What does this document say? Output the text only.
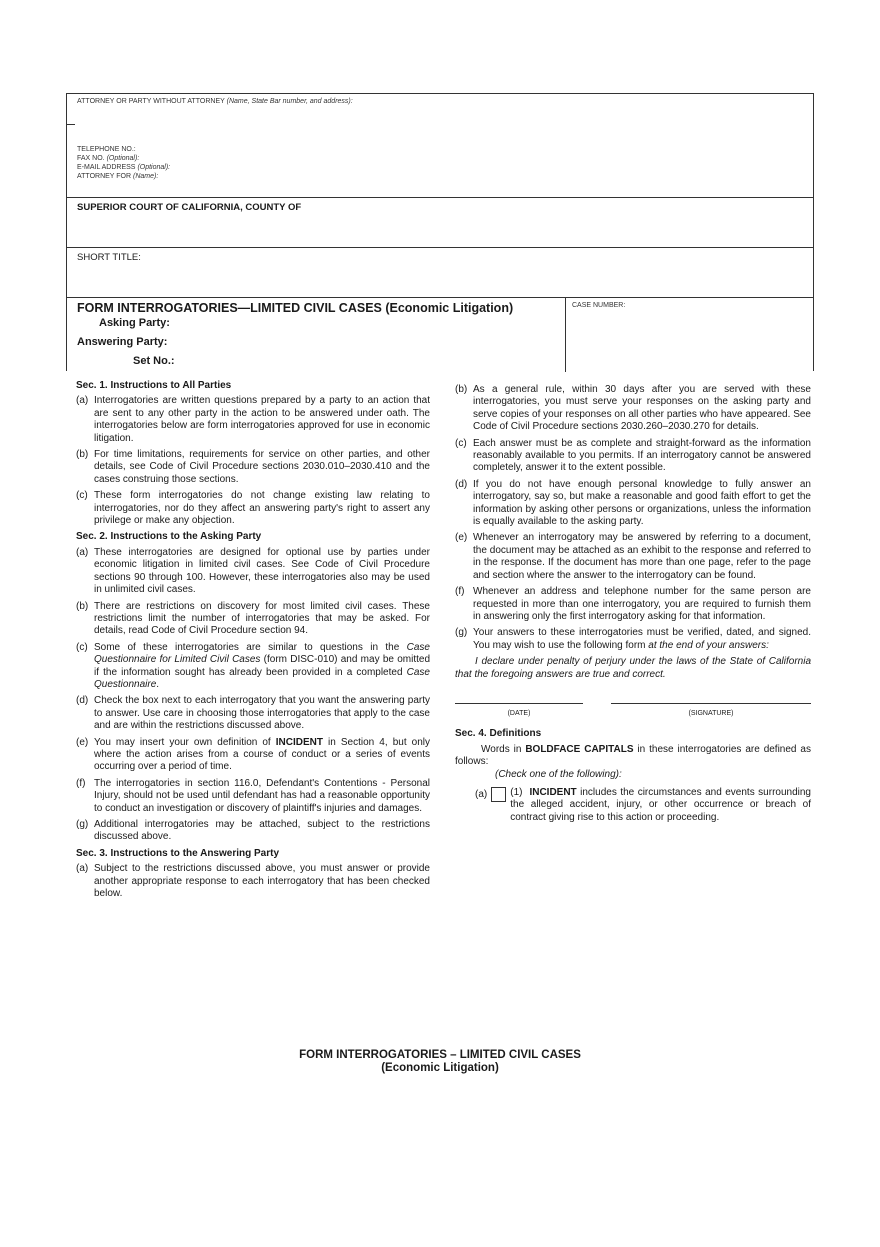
ATTORNEY OR PARTY WITHOUT ATTORNEY (Name, State Bar number, and address):
TELEPHONE NO.:
FAX NO. (Optional):
E-MAIL ADDRESS (Optional):
ATTORNEY FOR (Name):
SUPERIOR COURT OF CALIFORNIA, COUNTY OF
SHORT TITLE:
FORM INTERROGATORIES—LIMITED CIVIL CASES (Economic Litigation)
Asking Party:
Answering Party:
Set No.:
CASE NUMBER:
Sec. 1. Instructions to All Parties
(a) Interrogatories are written questions prepared by a party to an action that are sent to any other party in the action to be answered under oath. The interrogatories below are form interrogatories approved for use in economic litigation.
(b) For time limitations, requirements for service on other parties, and other details, see Code of Civil Procedure sections 2030.010–2030.410 and the cases construing those sections.
(c) These form interrogatories do not change existing law relating to interrogatories, nor do they affect an answering party's right to assert any privilege or make any objection.
Sec. 2. Instructions to the Asking Party
(a) These interrogatories are designed for optional use by parties under economic litigation in limited civil cases. See Code of Civil Procedure sections 90 through 100. However, these interrogatories also may be used in unlimited civil cases.
(b) There are restrictions on discovery for most limited civil cases. These restrictions limit the number of interrogatories that may be asked. For details, read Code of Civil Procedure section 94.
(c) Some of these interrogatories are similar to questions in the Case Questionnaire for Limited Civil Cases (form DISC-010) and may be omitted if the information sought has already been provided in a completed Case Questionnaire.
(d) Check the box next to each interrogatory that you want the answering party to answer. Use care in choosing those interrogatories that apply to the case and are within the restrictions discussed above.
(e) You may insert your own definition of INCIDENT in Section 4, but only where the action arises from a course of conduct or a series of events occurring over a period of time.
(f) The interrogatories in section 116.0, Defendant's Contentions - Personal Injury, should not be used until defendant has had a reasonable opportunity to conduct an investigation or discovery of plaintiff's injuries and damages.
(g) Additional interrogatories may be attached, subject to the restrictions discussed above.
Sec. 3. Instructions to the Answering Party
(a) Subject to the restrictions discussed above, you must answer or provide another appropriate response to each interrogatory that has been checked below.
(b) As a general rule, within 30 days after you are served with these interrogatories, you must serve your responses on the asking party and serve copies of your responses on all other parties who have appeared. See Code of Civil Procedure sections 2030.260–2030.270 for details.
(c) Each answer must be as complete and straight-forward as the information reasonably available to you permits. If an interrogatory cannot be answered completely, answer it to the extent possible.
(d) If you do not have enough personal knowledge to fully answer an interrogatory, say so, but make a reasonable and good faith effort to get the information by asking other persons or organizations, unless the information is equally available to the asking party.
(e) Whenever an interrogatory may be answered by referring to a document, the document may be attached as an exhibit to the response and referred to in the response. If the document has more than one page, refer to the page and section where the answer to the interrogatory can be found.
(f) Whenever an address and telephone number for the same person are requested in more than one interrogatory, you are required to furnish them in answering only the first interrogatory asking for that information.
(g) Your answers to these interrogatories must be verified, dated, and signed. You may wish to use the following form at the end of your answers:
I declare under penalty of perjury under the laws of the State of California that the foregoing answers are true and correct.
(DATE)	(SIGNATURE)
Sec. 4. Definitions
Words in BOLDFACE CAPITALS in these interrogatories are defined as follows:
(Check one of the following):
(a)	(1) INCIDENT includes the circumstances and events surrounding the alleged accident, injury, or other occurrence or breach of contract giving rise to this action or proceeding.
FORM INTERROGATORIES – LIMITED CIVIL CASES
(Economic Litigation)
